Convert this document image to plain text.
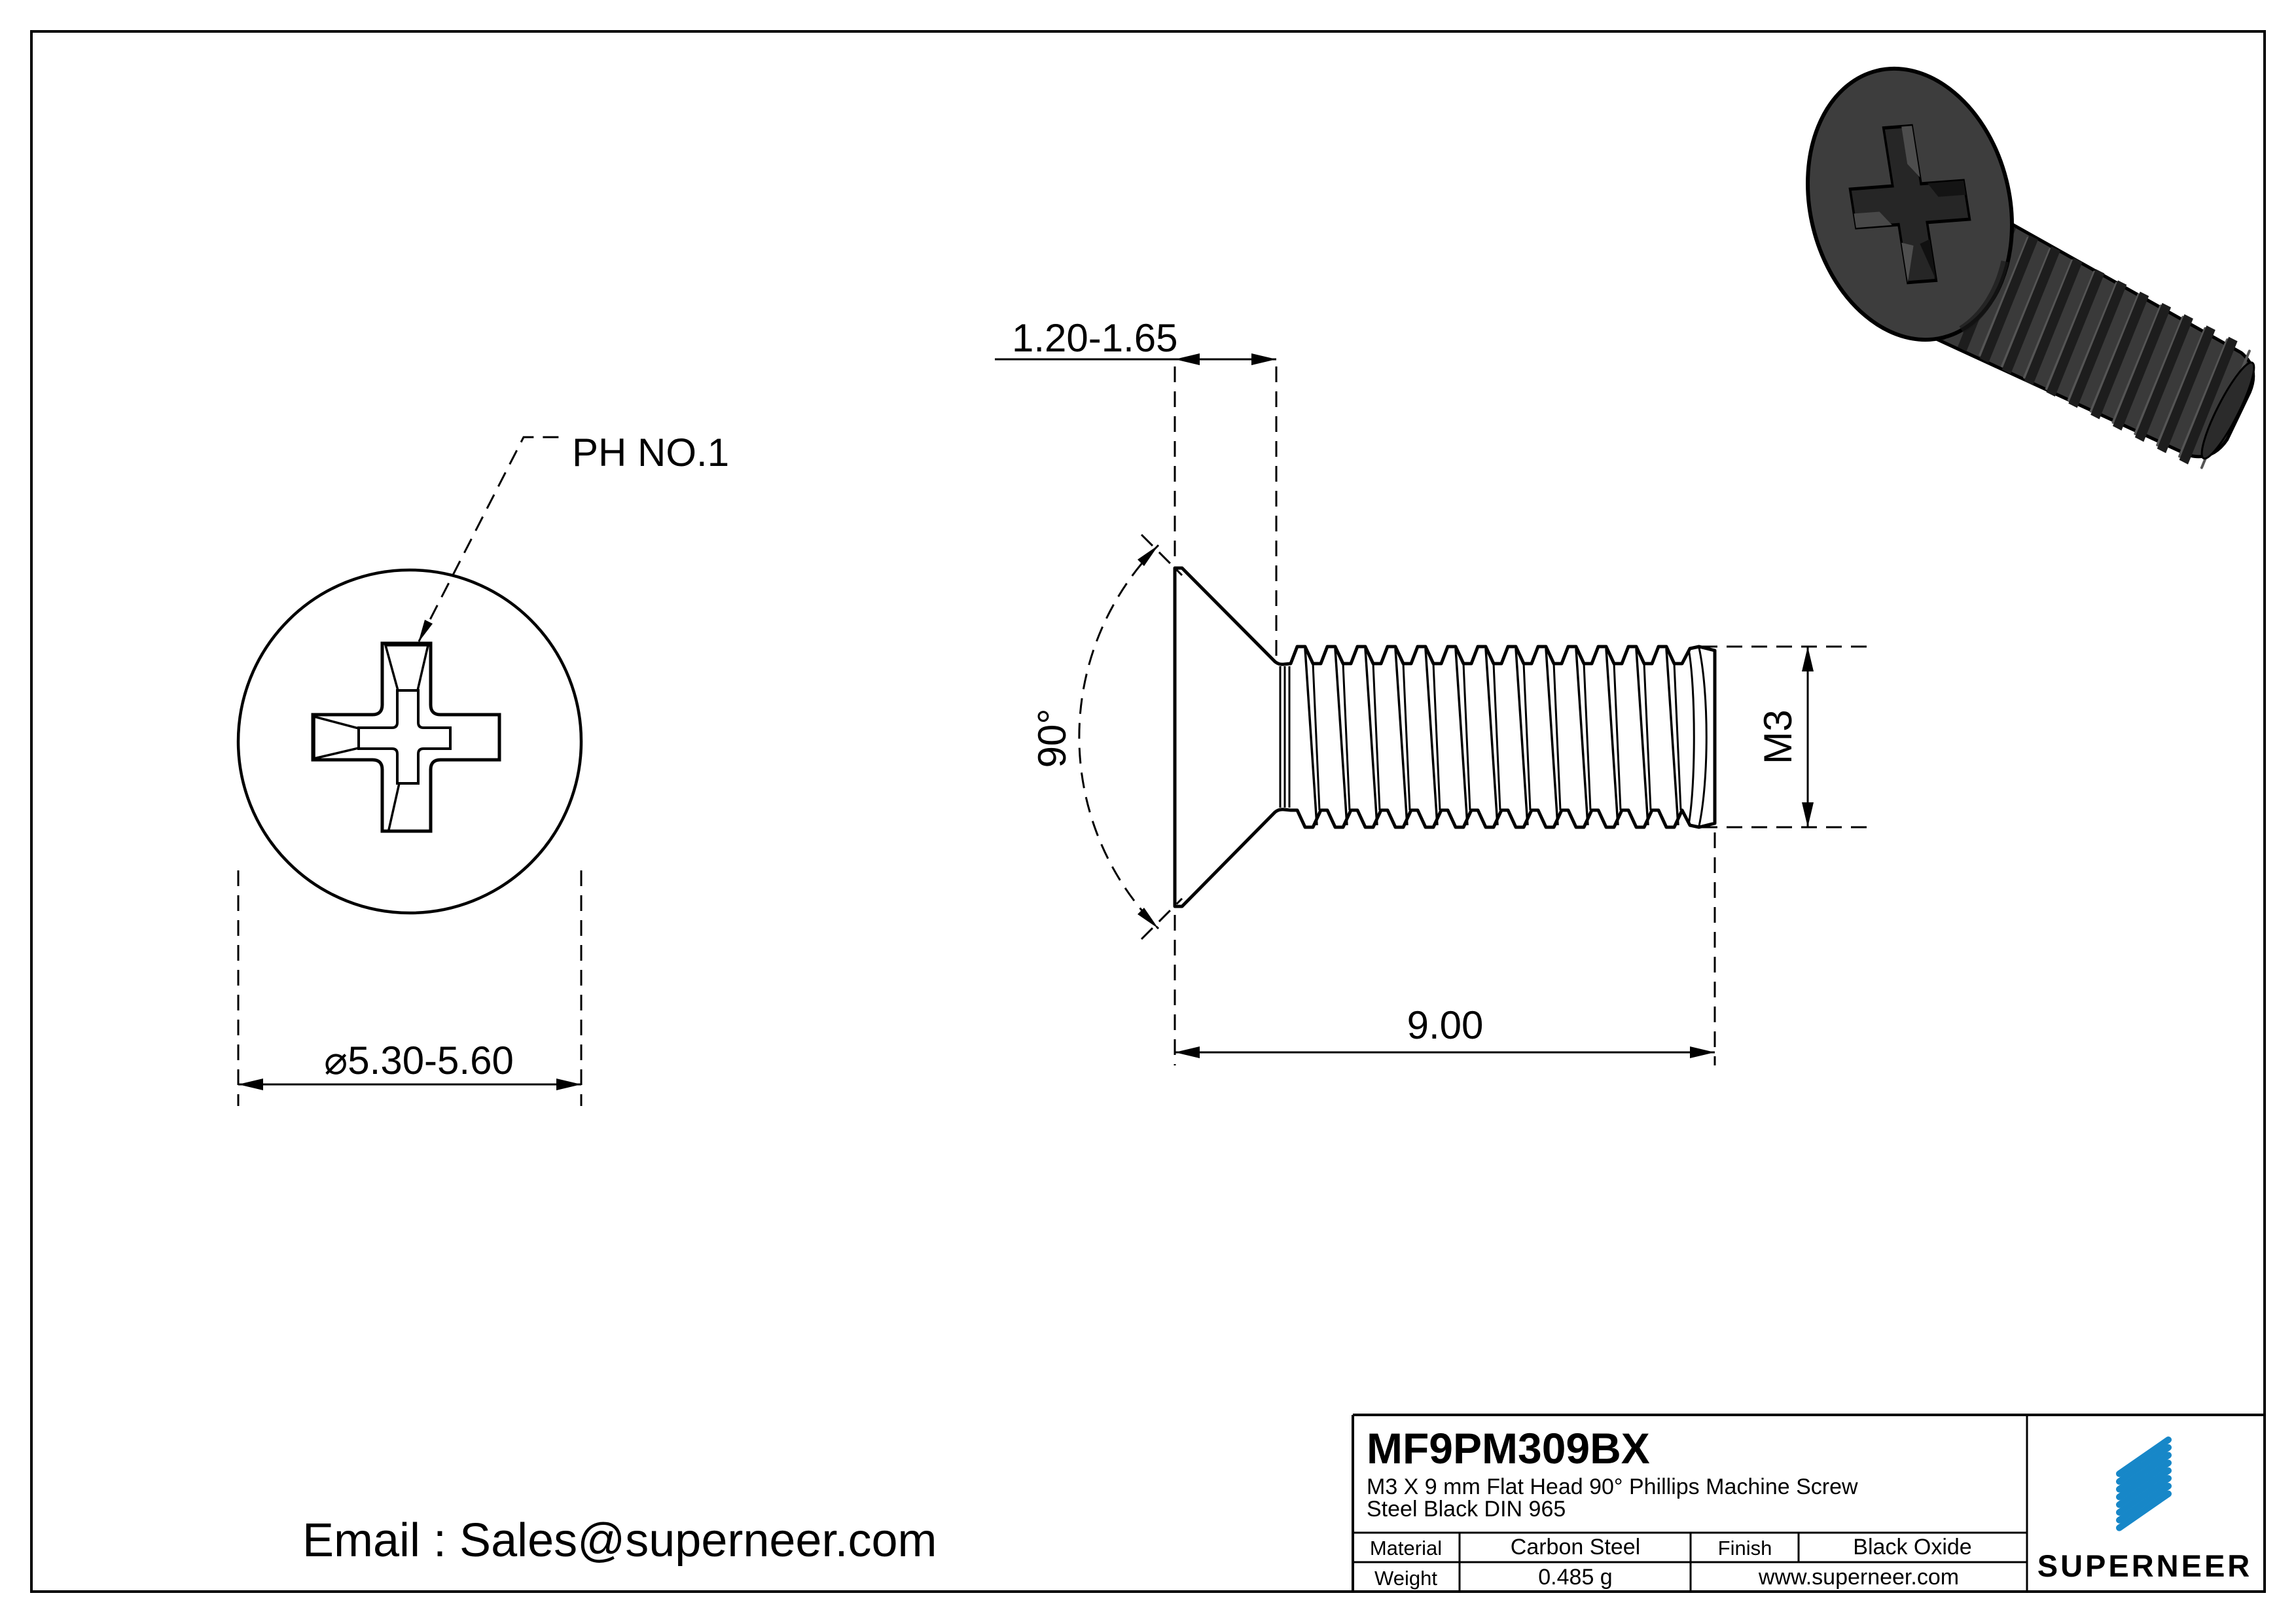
PH NO.1
⌀5.30-5.60
1.20-1.65
90°	M3
9.00
MF9PM309BX
M3 X 9 mm Flat Head 90° Phillips Machine Screw
Steel Black DIN 965
Material	Carbon Steel	Finish	Black Oxide
Weight	0.485 g	www.superneer.com	SUPERNEER
Email : Sales@superneer.com
